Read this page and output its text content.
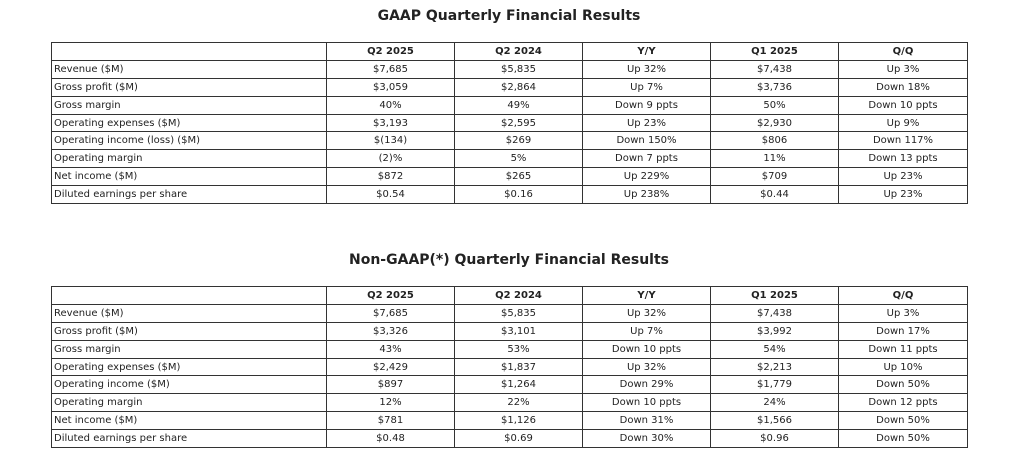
GAAP Quarterly Financial Results
	Q2 2025	Q2 2024	Y/Y	Q1 2025	Q/Q
Revenue ($M)	$7,685	$5,835	Up 32%	$7,438	Up 3%
Gross profit ($M)	$3,059	$2,864	Up 7%	$3,736	Down 18%
Gross margin	40%	49%	Down 9 ppts	50%	Down 10 ppts
Operating expenses ($M)	$3,193	$2,595	Up 23%	$2,930	Up 9%
Operating income (loss) ($M)	$(134)	$269	Down 150%	$806	Down 117%
Operating margin	(2)%	5%	Down 7 ppts	11%	Down 13 ppts
Net income ($M)	$872	$265	Up 229%	$709	Up 23%
Diluted earnings per share	$0.54	$0.16	Up 238%	$0.44	Up 23%
Non-GAAP(*) Quarterly Financial Results
	Q2 2025	Q2 2024	Y/Y	Q1 2025	Q/Q
Revenue ($M)	$7,685	$5,835	Up 32%	$7,438	Up 3%
Gross profit ($M)	$3,326	$3,101	Up 7%	$3,992	Down 17%
Gross margin	43%	53%	Down 10 ppts	54%	Down 11 ppts
Operating expenses ($M)	$2,429	$1,837	Up 32%	$2,213	Up 10%
Operating income ($M)	$897	$1,264	Down 29%	$1,779	Down 50%
Operating margin	12%	22%	Down 10 ppts	24%	Down 12 ppts
Net income ($M)	$781	$1,126	Down 31%	$1,566	Down 50%
Diluted earnings per share	$0.48	$0.69	Down 30%	$0.96	Down 50%
